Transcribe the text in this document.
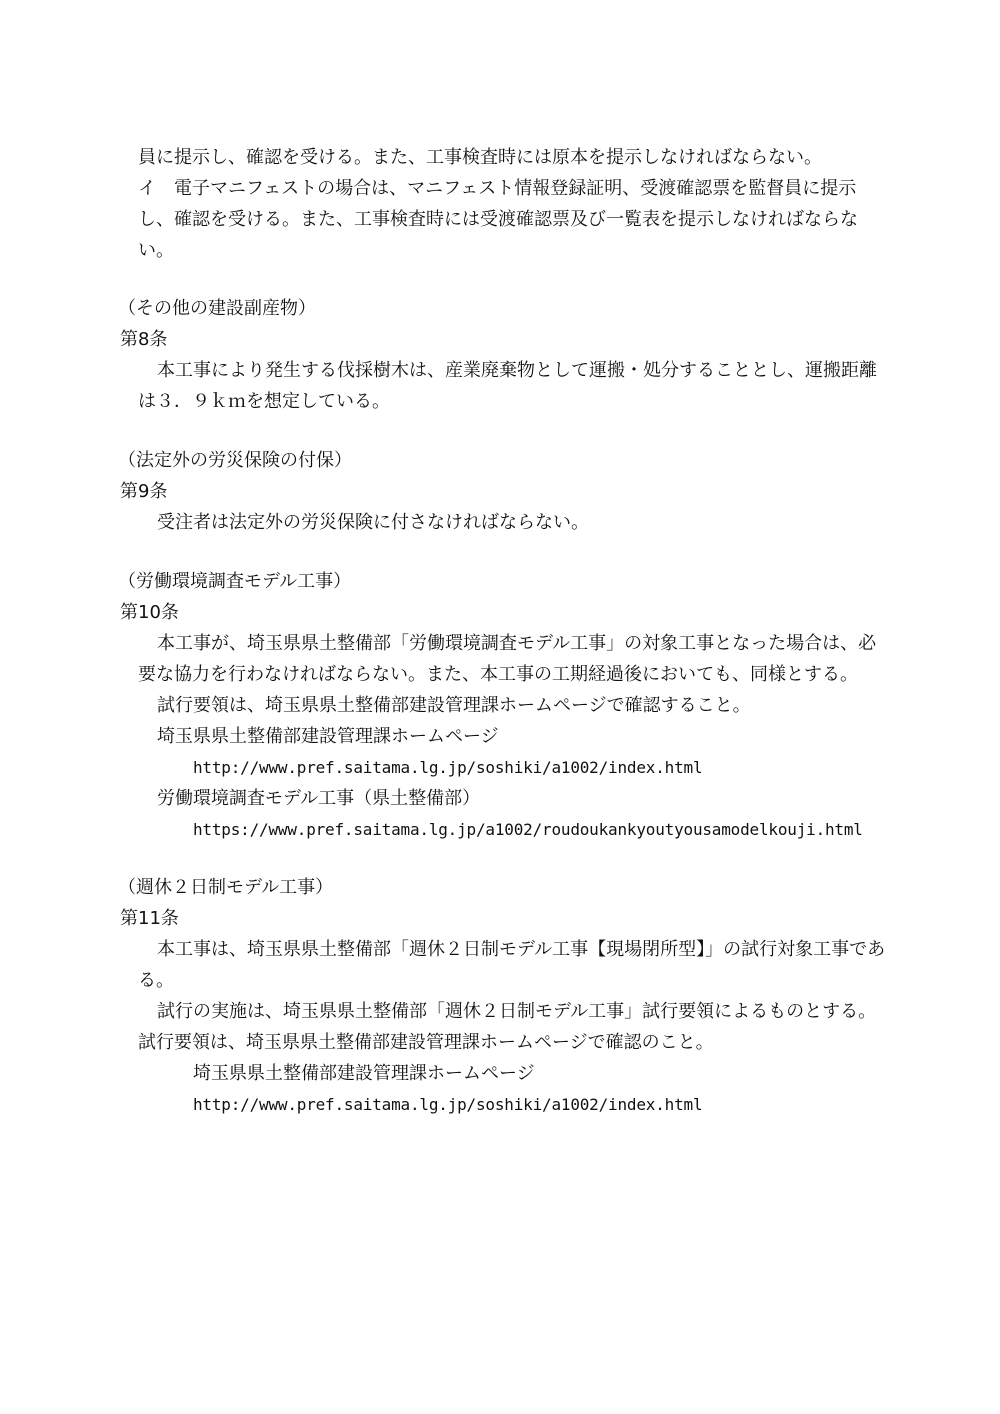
員に提示し、確認を受ける。また、工事検査時には原本を提示しなければならない。
イ　電子マニフェストの場合は、マニフェスト情報登録証明、受渡確認票を監督員に提示
し、確認を受ける。また、工事検査時には受渡確認票及び一覧表を提示しなければならな
い。
（その他の建設副産物）
第8条
本工事により発生する伐採樹木は、産業廃棄物として運搬・処分することとし、運搬距離
は３．９ｋｍを想定している。
（法定外の労災保険の付保）
第9条
受注者は法定外の労災保険に付さなければならない。
（労働環境調査モデル工事）
第10条
本工事が、埼玉県県土整備部「労働環境調査モデル工事」の対象工事となった場合は、必
要な協力を行わなければならない。また、本工事の工期経過後においても、同様とする。
試行要領は、埼玉県県土整備部建設管理課ホームページで確認すること。
埼玉県県土整備部建設管理課ホームページ
http://www.pref.saitama.lg.jp/soshiki/a1002/index.html
労働環境調査モデル工事（県土整備部）
https://www.pref.saitama.lg.jp/a1002/roudoukankyoutyousamodelkouji.html
（週休２日制モデル工事）
第11条
本工事は、埼玉県県土整備部「週休２日制モデル工事【現場閉所型】」の試行対象工事であ
る。
試行の実施は、埼玉県県土整備部「週休２日制モデル工事」試行要領によるものとする。
試行要領は、埼玉県県土整備部建設管理課ホームページで確認のこと。
埼玉県県土整備部建設管理課ホームページ
http://www.pref.saitama.lg.jp/soshiki/a1002/index.html
